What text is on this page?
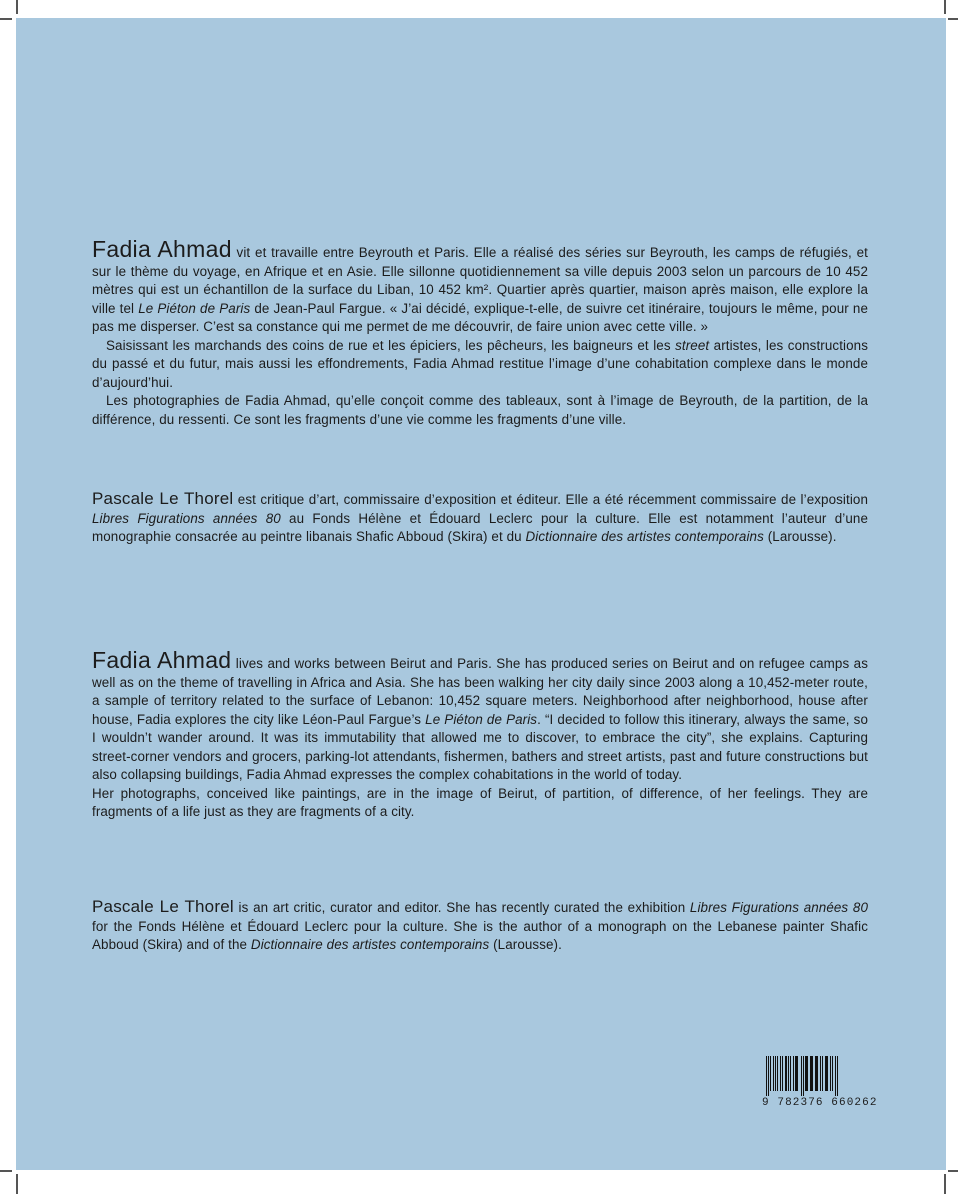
Fadia Ahmad vit et travaille entre Beyrouth et Paris. Elle a réalisé des séries sur Beyrouth, les camps de réfugiés, et sur le thème du voyage, en Afrique et en Asie. Elle sillonne quotidiennement sa ville depuis 2003 selon un parcours de 10 452 mètres qui est un échantillon de la surface du Liban, 10 452 km². Quartier après quartier, maison après maison, elle explore la ville tel Le Piéton de Paris de Jean-Paul Fargue. « J’ai décidé, explique-t-elle, de suivre cet itinéraire, toujours le même, pour ne pas me disperser. C’est sa constance qui me permet de me découvrir, de faire union avec cette ville. »

Saisissant les marchands des coins de rue et les épiciers, les pêcheurs, les baigneurs et les street artistes, les constructions du passé et du futur, mais aussi les effondrements, Fadia Ahmad restitue l’image d’une cohabitation complexe dans le monde d’aujourd’hui.

Les photographies de Fadia Ahmad, qu’elle conçoit comme des tableaux, sont à l’image de Beyrouth, de la partition, de la différence, du ressenti. Ce sont les fragments d’une vie comme les fragments d’une ville.

Pascale Le Thorel est critique d’art, commissaire d’exposition et éditeur. Elle a été récemment commissaire de l’exposition Libres Figurations années 80 au Fonds Hélène et Édouard Leclerc pour la culture. Elle est notamment l’auteur d’une monographie consacrée au peintre libanais Shafic Abboud (Skira) et du Dictionnaire des artistes contemporains (Larousse).

Fadia Ahmad lives and works between Beirut and Paris. She has produced series on Beirut and on refugee camps as well as on the theme of travelling in Africa and Asia. She has been walking her city daily since 2003 along a 10,452-meter route, a sample of territory related to the surface of Lebanon: 10,452 square meters. Neighborhood after neighborhood, house after house, Fadia explores the city like Léon-Paul Fargue’s Le Piéton de Paris. “I decided to follow this itinerary, always the same, so I wouldn’t wander around. It was its immutability that allowed me to discover, to embrace the city”, she explains. Capturing street-corner vendors and grocers, parking-lot attendants, fishermen, bathers and street artists, past and future constructions but also collapsing buildings, Fadia Ahmad expresses the complex cohabitations in the world of today.

Her photographs, conceived like paintings, are in the image of Beirut, of partition, of difference, of her feelings. They are fragments of a life just as they are fragments of a city.

Pascale Le Thorel is an art critic, curator and editor. She has recently curated the exhibition Libres Figurations années 80 for the Fonds Hélène et Édouard Leclerc pour la culture. She is the author of a monograph on the Lebanese painter Shafic Abboud (Skira) and of the Dictionnaire des artistes contemporains (Larousse).

9 782376 660262
